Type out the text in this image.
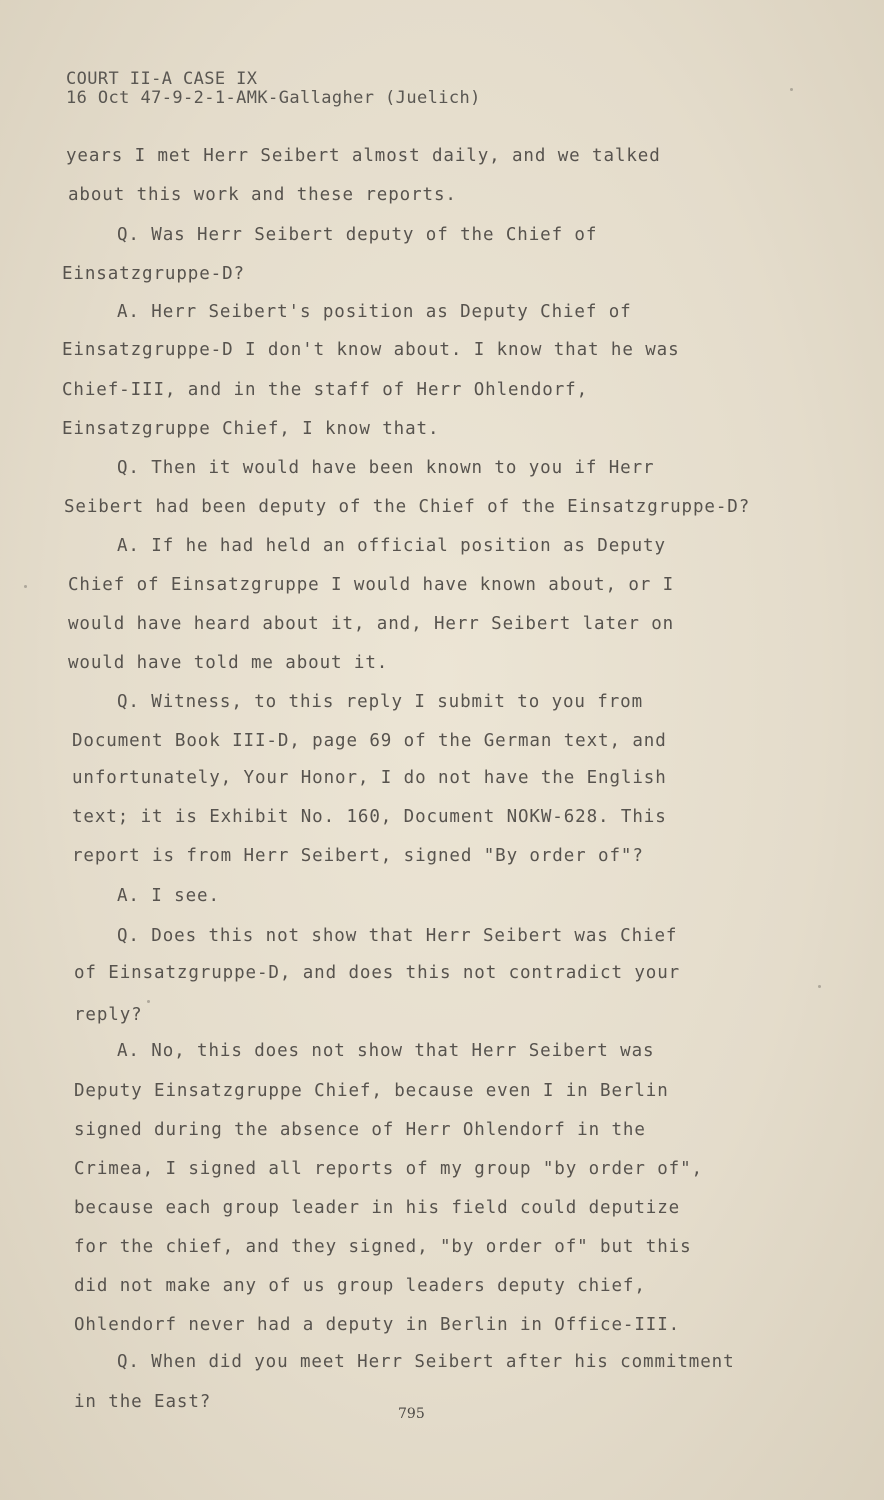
COURT II-A CASE IX
16 Oct 47-9-2-1-AMK-Gallagher (Juelich)
years I met Herr Seibert almost daily, and we talked
about this work and these reports.
Q. Was Herr Seibert deputy of the Chief of
Einsatzgruppe-D?
A. Herr Seibert's position as Deputy Chief of
Einsatzgruppe-D I don't know about. I know that he was
Chief-III, and in the staff of Herr Ohlendorf,
Einsatzgruppe Chief, I know that.
Q. Then it would have been known to you if Herr
Seibert had been deputy of the Chief of the Einsatzgruppe-D?
A. If he had held an official position as Deputy
Chief of Einsatzgruppe I would have known about, or I
would have heard about it, and, Herr Seibert later on
would have told me about it.
Q. Witness, to this reply I submit to you from
Document Book III-D, page 69 of the German text, and
unfortunately, Your Honor, I do not have the English
text; it is Exhibit No. 160, Document NOKW-628. This
report is from Herr Seibert, signed "By order of"?
A. I see.
Q. Does this not show that Herr Seibert was Chief
of Einsatzgruppe-D, and does this not contradict your
reply?
A. No, this does not show that Herr Seibert was
Deputy Einsatzgruppe Chief, because even I in Berlin
signed during the absence of Herr Ohlendorf in the
Crimea, I signed all reports of my group "by order of",
because each group leader in his field could deputize
for the chief, and they signed, "by order of" but this
did not make any of us group leaders deputy chief,
Ohlendorf never had a deputy in Berlin in Office-III.
Q. When did you meet Herr Seibert after his commitment
in the East?
795
